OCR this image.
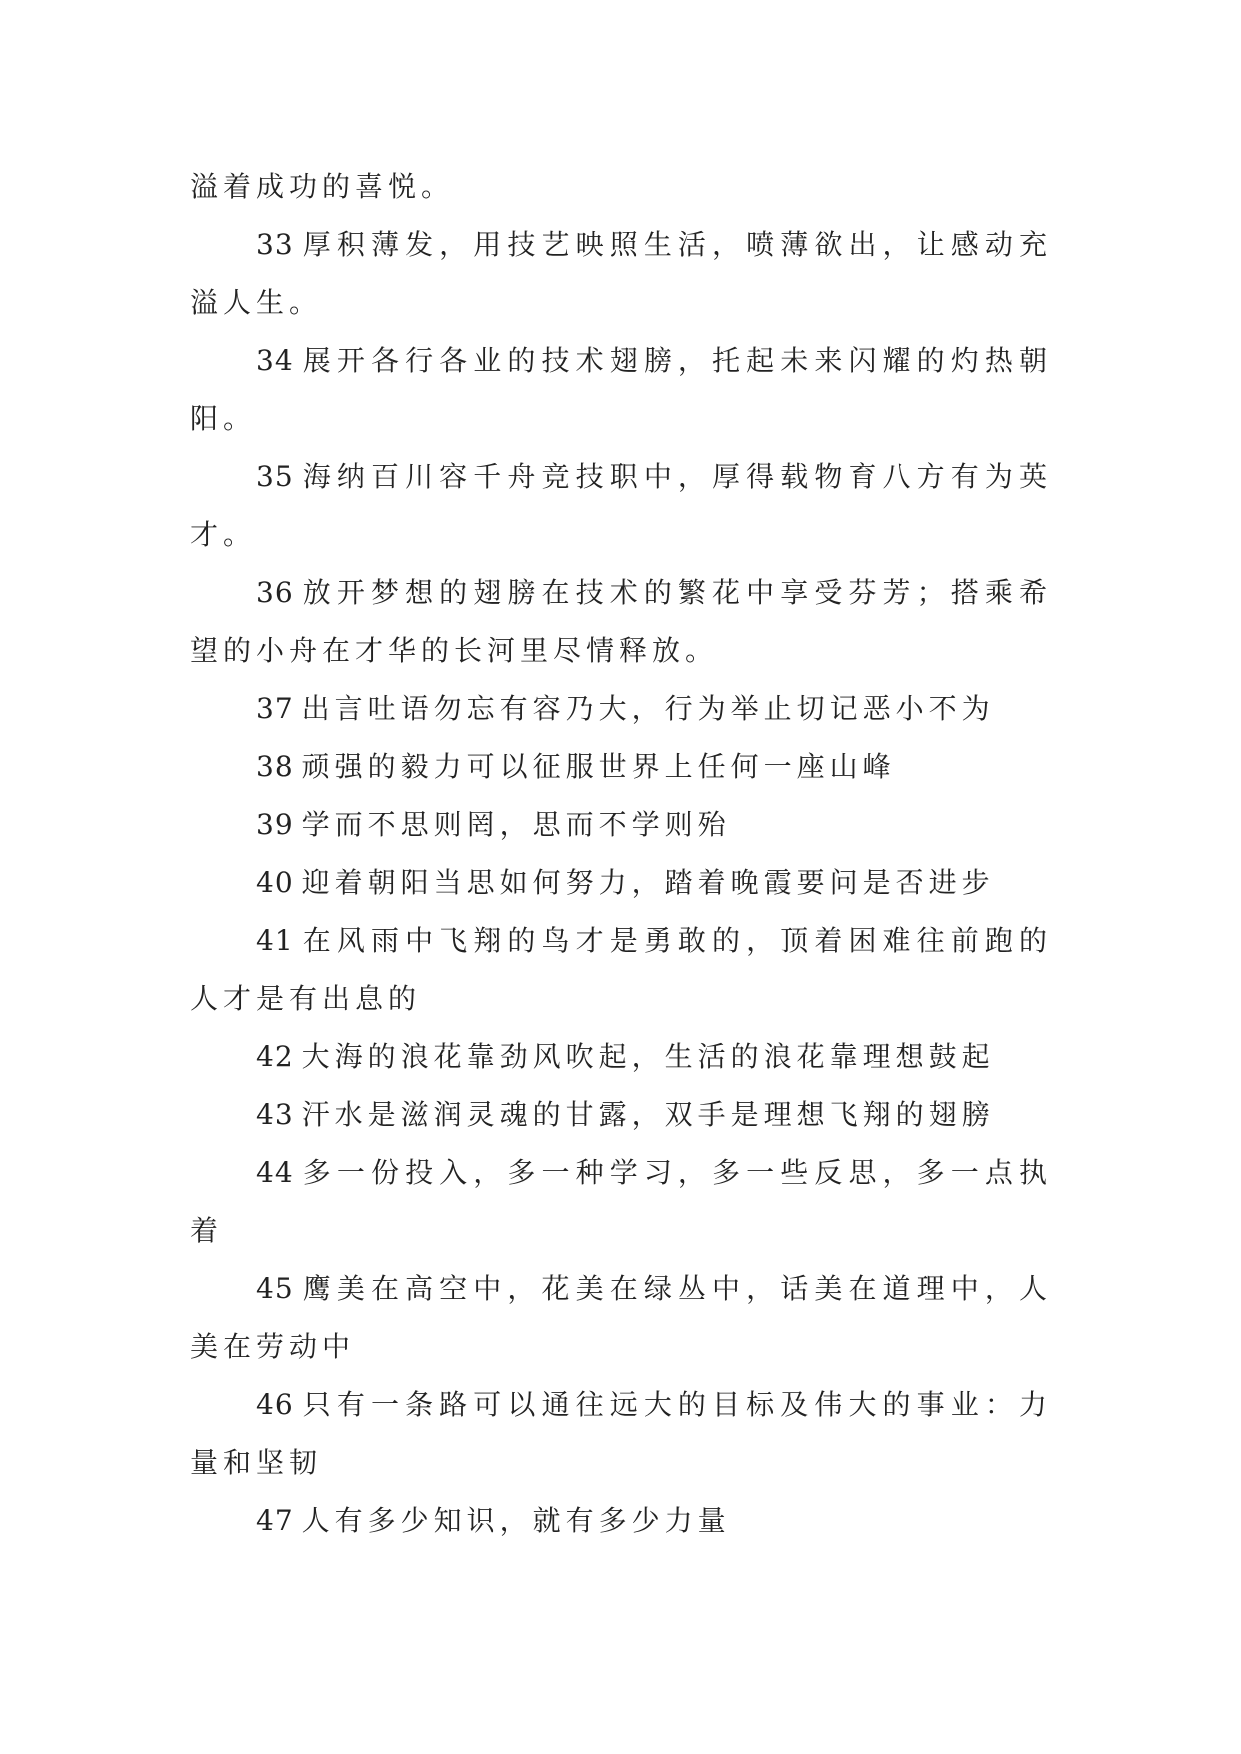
溢着成功的喜悦。

33 厚积薄发，用技艺映照生活，喷薄欲出，让感动充溢人生。

34 展开各行各业的技术翅膀，托起未来闪耀的灼热朝阳。

35 海纳百川容千舟竞技职中，厚得载物育八方有为英才。

36 放开梦想的翅膀在技术的繁花中享受芬芳；搭乘希望的小舟在才华的长河里尽情释放。

37 出言吐语勿忘有容乃大，行为举止切记恶小不为

38 顽强的毅力可以征服世界上任何一座山峰

39 学而不思则罔，思而不学则殆

40 迎着朝阳当思如何努力，踏着晚霞要问是否进步

41 在风雨中飞翔的鸟才是勇敢的，顶着困难往前跑的人才是有出息的

42 大海的浪花靠劲风吹起，生活的浪花靠理想鼓起

43 汗水是滋润灵魂的甘露，双手是理想飞翔的翅膀

44 多一份投入，多一种学习，多一些反思，多一点执着

45 鹰美在高空中，花美在绿丛中，话美在道理中，人美在劳动中

46 只有一条路可以通往远大的目标及伟大的事业：力量和坚韧

47 人有多少知识，就有多少力量
